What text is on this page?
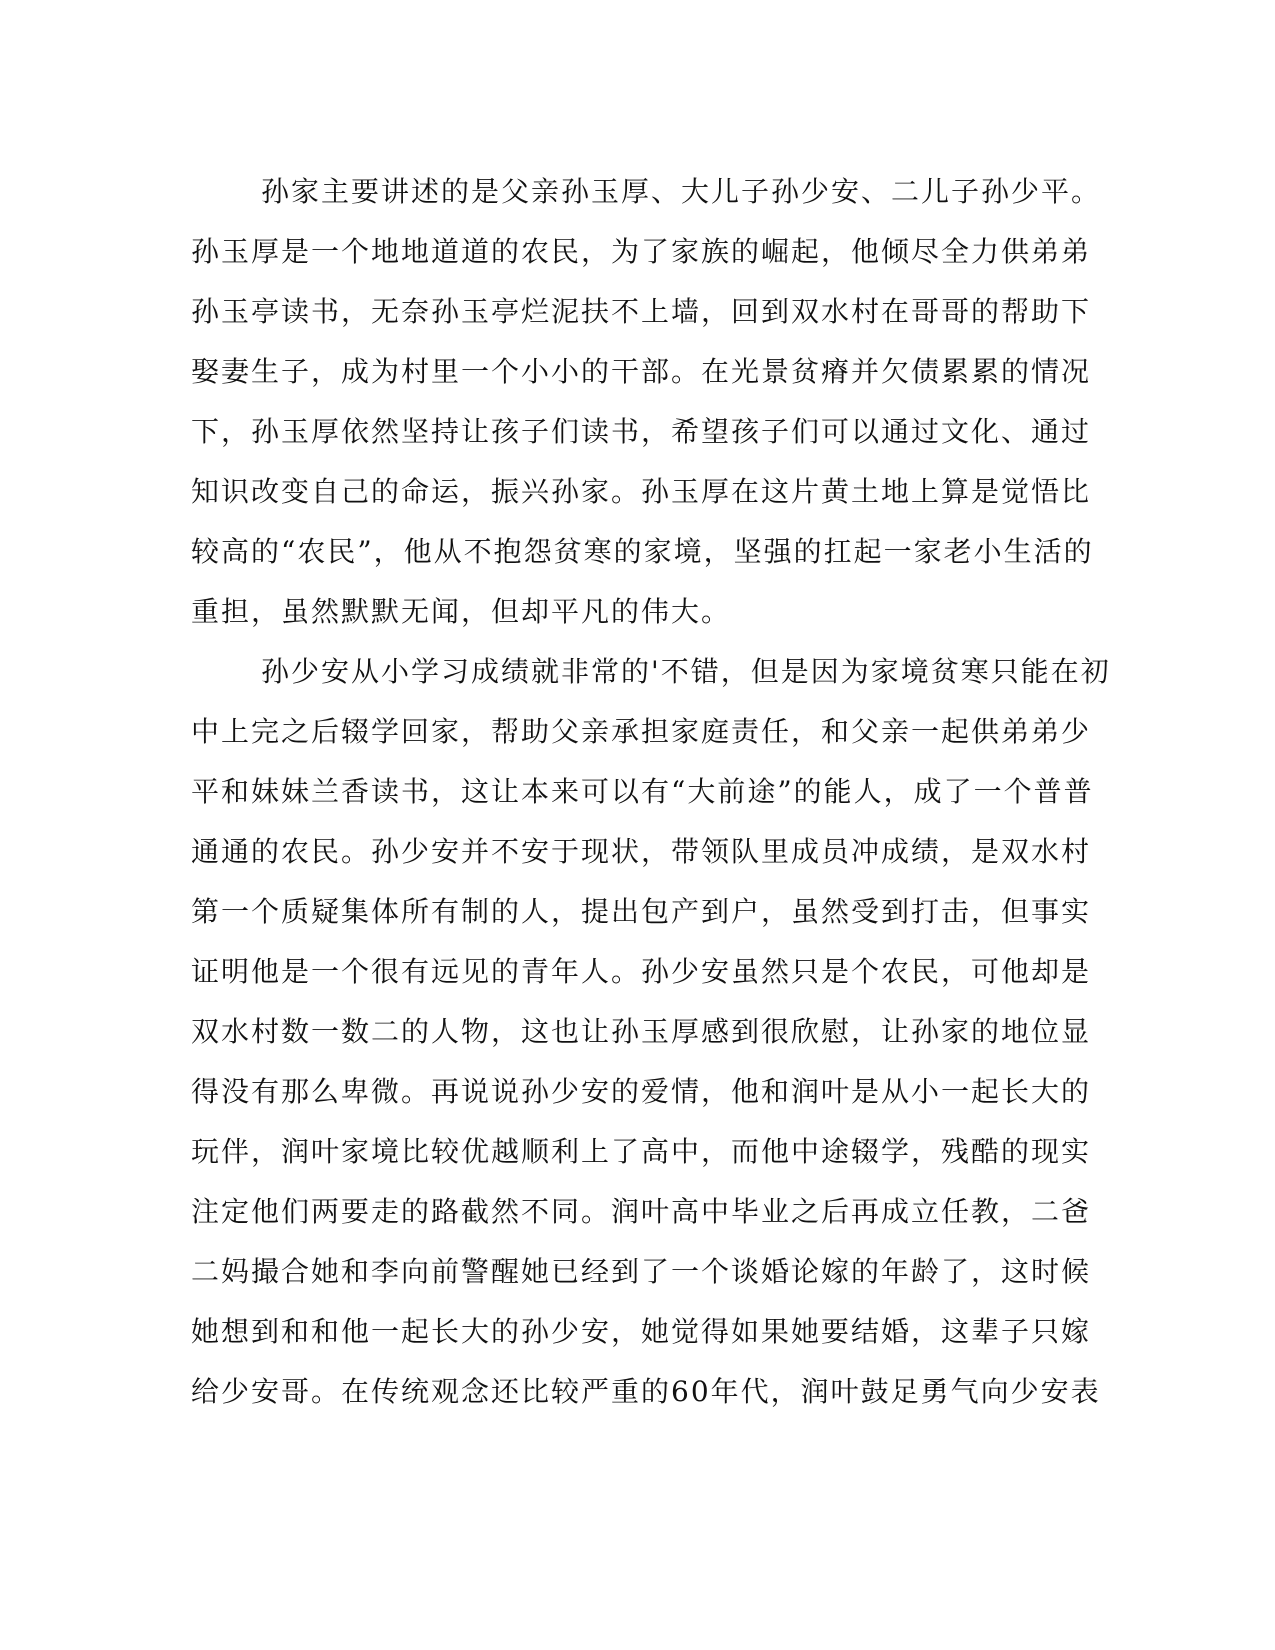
孙家主要讲述的是父亲孙玉厚、大儿子孙少安、二儿子孙少平。
孙玉厚是一个地地道道的农民，为了家族的崛起，他倾尽全力供弟弟
孙玉亭读书，无奈孙玉亭烂泥扶不上墙，回到双水村在哥哥的帮助下
娶妻生子，成为村里一个小小的干部。在光景贫瘠并欠债累累的情况
下，孙玉厚依然坚持让孩子们读书，希望孩子们可以通过文化、通过
知识改变自己的命运，振兴孙家。孙玉厚在这片黄土地上算是觉悟比
较高的“农民”，他从不抱怨贫寒的家境，坚强的扛起一家老小生活的
重担，虽然默默无闻，但却平凡的伟大。
孙少安从小学习成绩就非常的'不错，但是因为家境贫寒只能在初
中上完之后辍学回家，帮助父亲承担家庭责任，和父亲一起供弟弟少
平和妹妹兰香读书，这让本来可以有“大前途”的能人，成了一个普普
通通的农民。孙少安并不安于现状，带领队里成员冲成绩，是双水村
第一个质疑集体所有制的人，提出包产到户，虽然受到打击，但事实
证明他是一个很有远见的青年人。孙少安虽然只是个农民，可他却是
双水村数一数二的人物，这也让孙玉厚感到很欣慰，让孙家的地位显
得没有那么卑微。再说说孙少安的爱情，他和润叶是从小一起长大的
玩伴，润叶家境比较优越顺利上了高中，而他中途辍学，残酷的现实
注定他们两要走的路截然不同。润叶高中毕业之后再成立任教，二爸
二妈撮合她和李向前警醒她已经到了一个谈婚论嫁的年龄了，这时候
她想到和和他一起长大的孙少安，她觉得如果她要结婚，这辈子只嫁
给少安哥。在传统观念还比较严重的60年代，润叶鼓足勇气向少安表
